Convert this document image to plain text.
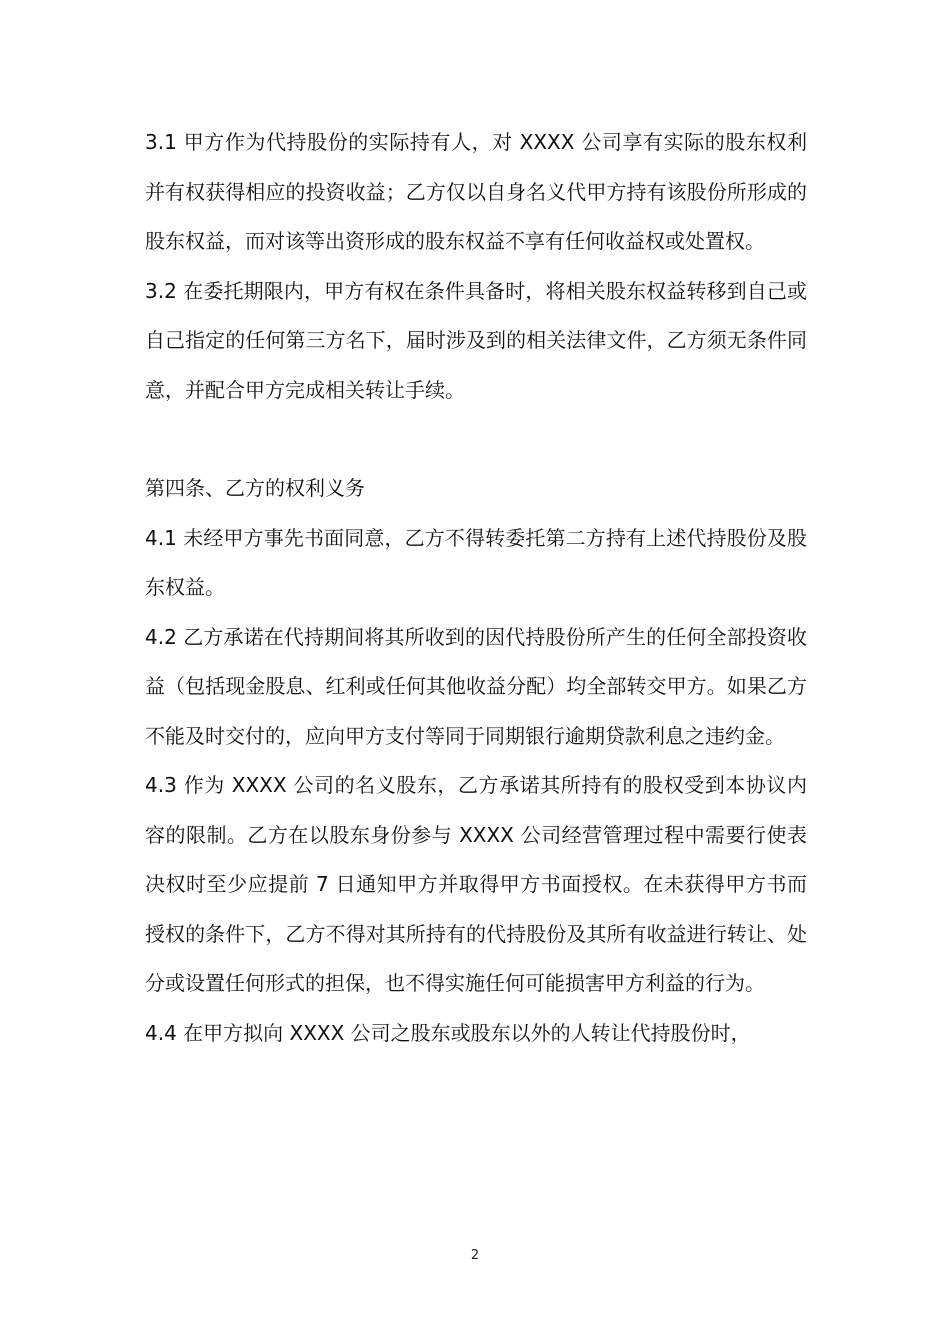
3.1 甲方作为代持股份的实际持有人，对 XXXX 公司享有实际的股东权利并有权获得相应的投资收益；乙方仅以自身名义代甲方持有该股份所形成的股东权益，而对该等出资形成的股东权益不享有任何收益权或处置权。

3.2 在委托期限内，甲方有权在条件具备时，将相关股东权益转移到自己或自己指定的任何第三方名下，届时涉及到的相关法律文件，乙方须无条件同意，并配合甲方完成相关转让手续。

第四条、乙方的权利义务

4.1 未经甲方事先书面同意，乙方不得转委托第二方持有上述代持股份及股东权益。

4.2 乙方承诺在代持期间将其所收到的因代持股份所产生的任何全部投资收益（包括现金股息、红利或任何其他收益分配）均全部转交甲方。如果乙方不能及时交付的，应向甲方支付等同于同期银行逾期贷款利息之违约金。

4.3 作为 XXXX 公司的名义股东，乙方承诺其所持有的股权受到本协议内容的限制。乙方在以股东身份参与 XXXX 公司经营管理过程中需要行使表决权时至少应提前 7 日通知甲方并取得甲方书面授权。在未获得甲方书而授权的条件下，乙方不得对其所持有的代持股份及其所有收益进行转让、处分或设置任何形式的担保，也不得实施任何可能损害甲方利益的行为。

4.4 在甲方拟向 XXXX 公司之股东或股东以外的人转让代持股份时，

2
